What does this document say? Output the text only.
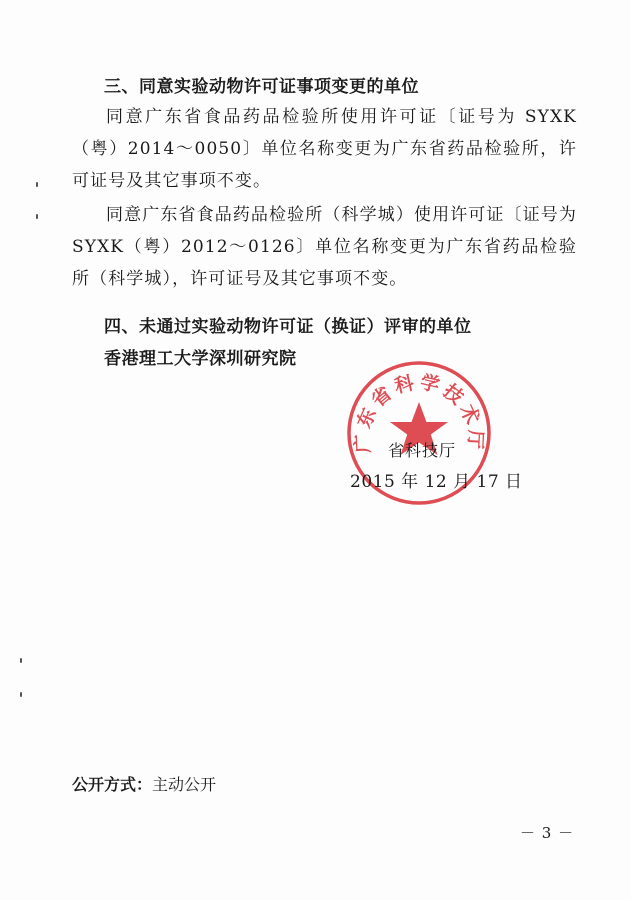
三、同意实验动物许可证事项变更的单位

同意广东省食品药品检验所使用许可证〔证号为 SYXK（粤）2014～0050〕单位名称变更为广东省药品检验所，许可证号及其它事项不变。

同意广东省食品药品检验所（科学城）使用许可证〔证号为 SYXK（粤）2012～0126〕单位名称变更为广东省药品检验所（科学城），许可证号及其它事项不变。

四、未通过实验动物许可证（换证）评审的单位
香港理工大学深圳研究院
广东省科学技术厅
省科技厅
2015 年 12 月 17 日
公开方式：主动公开
－ 3 －
